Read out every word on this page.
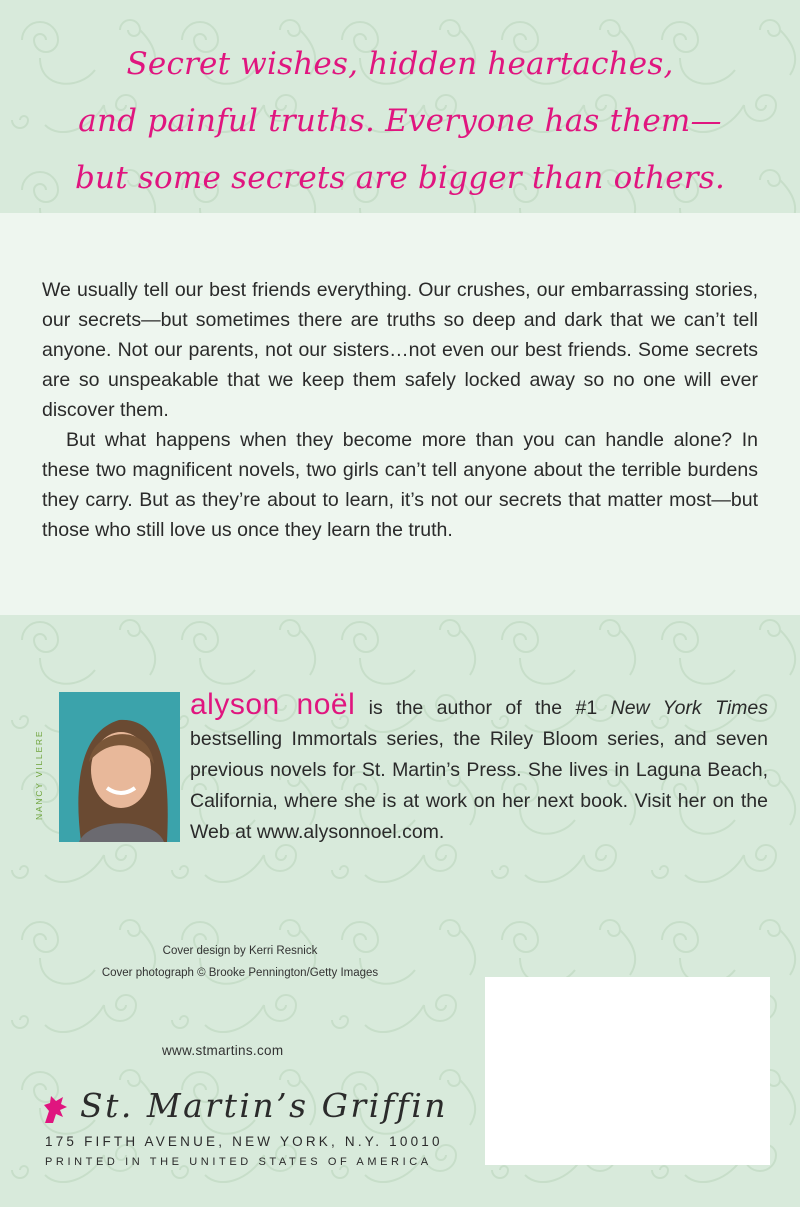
Secret wishes, hidden heartaches,
and painful truths. Everyone has them—
but some secrets are bigger than others.

We usually tell our best friends everything. Our crushes, our embarrassing stories, our secrets—but sometimes there are truths so deep and dark that we can’t tell anyone. Not our parents, not our sisters…not even our best friends. Some secrets are so unspeakable that we keep them safely locked away so no one will ever discover them.

But what happens when they become more than you can handle alone? In these two magnificent novels, two girls can’t tell anyone about the terrible burdens they carry. But as they’re about to learn, it’s not our secrets that matter most—but those who still love us once they learn the truth.

NANCY VILLERE
alyson noël is the author of the #1 New York Times bestselling Immortals series, the Riley Bloom series, and seven previous novels for St. Martin’s Press. She lives in Laguna Beach, California, where she is at work on her next book. Visit her on the Web at www.alysonnoel.com.
Cover design by Kerri Resnick
Cover photograph © Brooke Pennington/Getty Images
www.stmartins.com
St. Martin’s Griffin
175 FIFTH AVENUE, NEW YORK, N.Y. 10010
PRINTED IN THE UNITED STATES OF AMERICA
